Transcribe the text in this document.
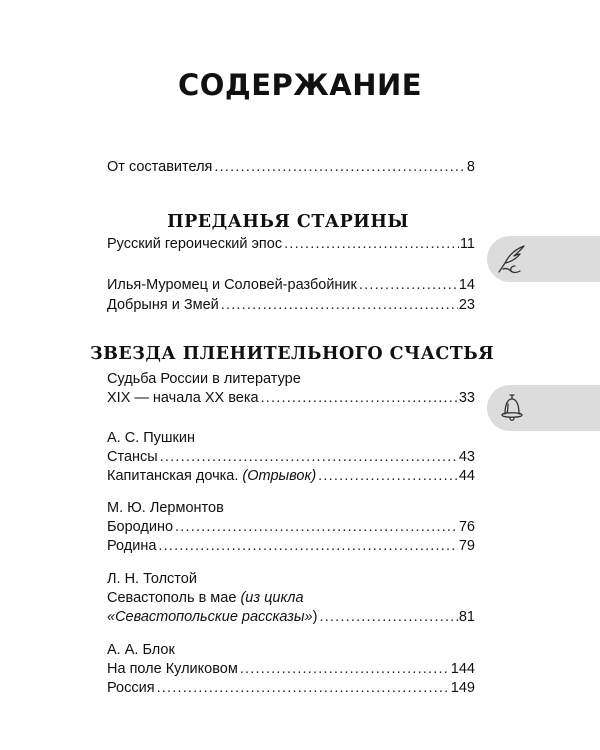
СОДЕРЖАНИЕ
От составителя .....	8
ПРЕДАНЬЯ СТАРИНЫ
Русский героический эпос .....	11
Илья-Муромец и Соловей-разбойник .....	14
Добрыня и Змей .....	23
ЗВЕЗДА ПЛЕНИТЕЛЬНОГО СЧАСТЬЯ
Судьба России в литературе
XIX — начала XX века .....	33
А. С. Пушкин
Стансы .....	43
Капитанская дочка. (Отрывок) .....	44
М. Ю. Лермонтов
Бородино .....	76
Родина .....	79
Л. Н. Толстой
Севастополь в мае (из цикла
«Севастопольские рассказы») .....	81
А. А. Блок
На поле Куликовом .....	144
Россия .....	149
